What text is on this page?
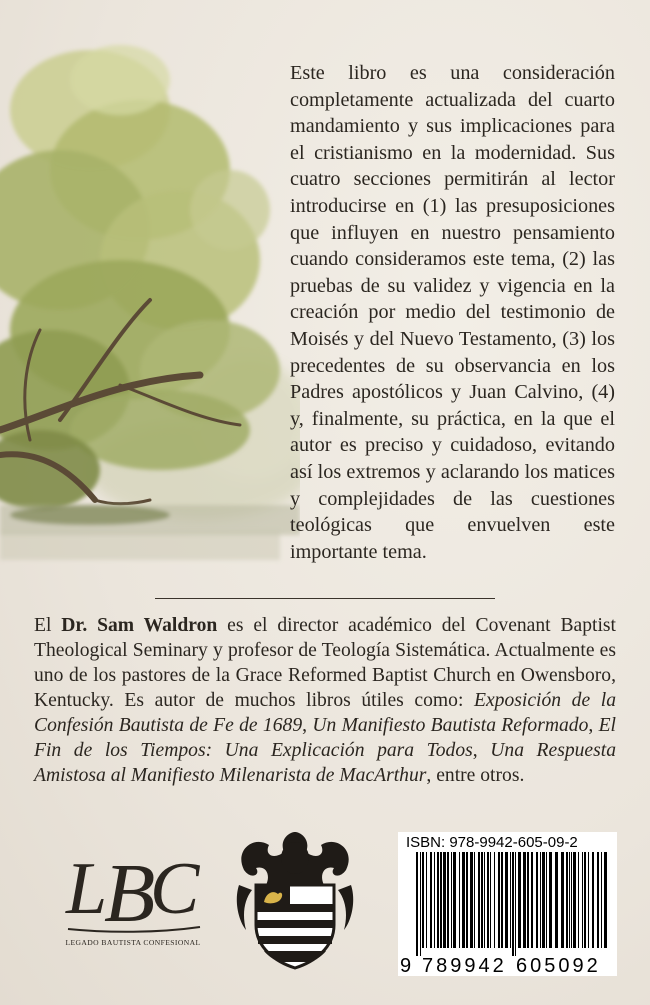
Este libro es una consideración completamente actualizada del cuarto mandamiento y sus implicaciones para el cristianismo en la modernidad. Sus cuatro secciones permitirán al lector introducirse en (1) las presuposiciones que influyen en nuestro pensamiento cuando consideramos este tema, (2) las pruebas de su validez y vigencia en la creación por medio del testimonio de Moisés y del Nuevo Testamento, (3) los precedentes de su observancia en los Padres apostólicos y Juan Calvino, (4) y, finalmente, su práctica, en la que el autor es preciso y cuidadoso, evitando así los extremos y aclarando los matices y complejidades de las cuestiones teológicas que envuelven este importante tema.

El Dr. Sam Waldron es el director académico del Covenant Baptist Theological Seminary y profesor de Teología Sistemática. Actualmente es uno de los pastores de la Grace Reformed Baptist Church en Owensboro, Kentucky. Es autor de muchos libros útiles como: Exposición de la Confesión Bautista de Fe de 1689, Un Manifiesto Bautista Reformado, El Fin de los Tiempos: Una Explicación para Todos, Una Respuesta Amistosa al Manifiesto Milenarista de MacArthur, entre otros.

L
B
C
LEGADO BAUTISTA CONFESIONAL
ISBN: 978-9942-605-09-2
9 789942 605092
